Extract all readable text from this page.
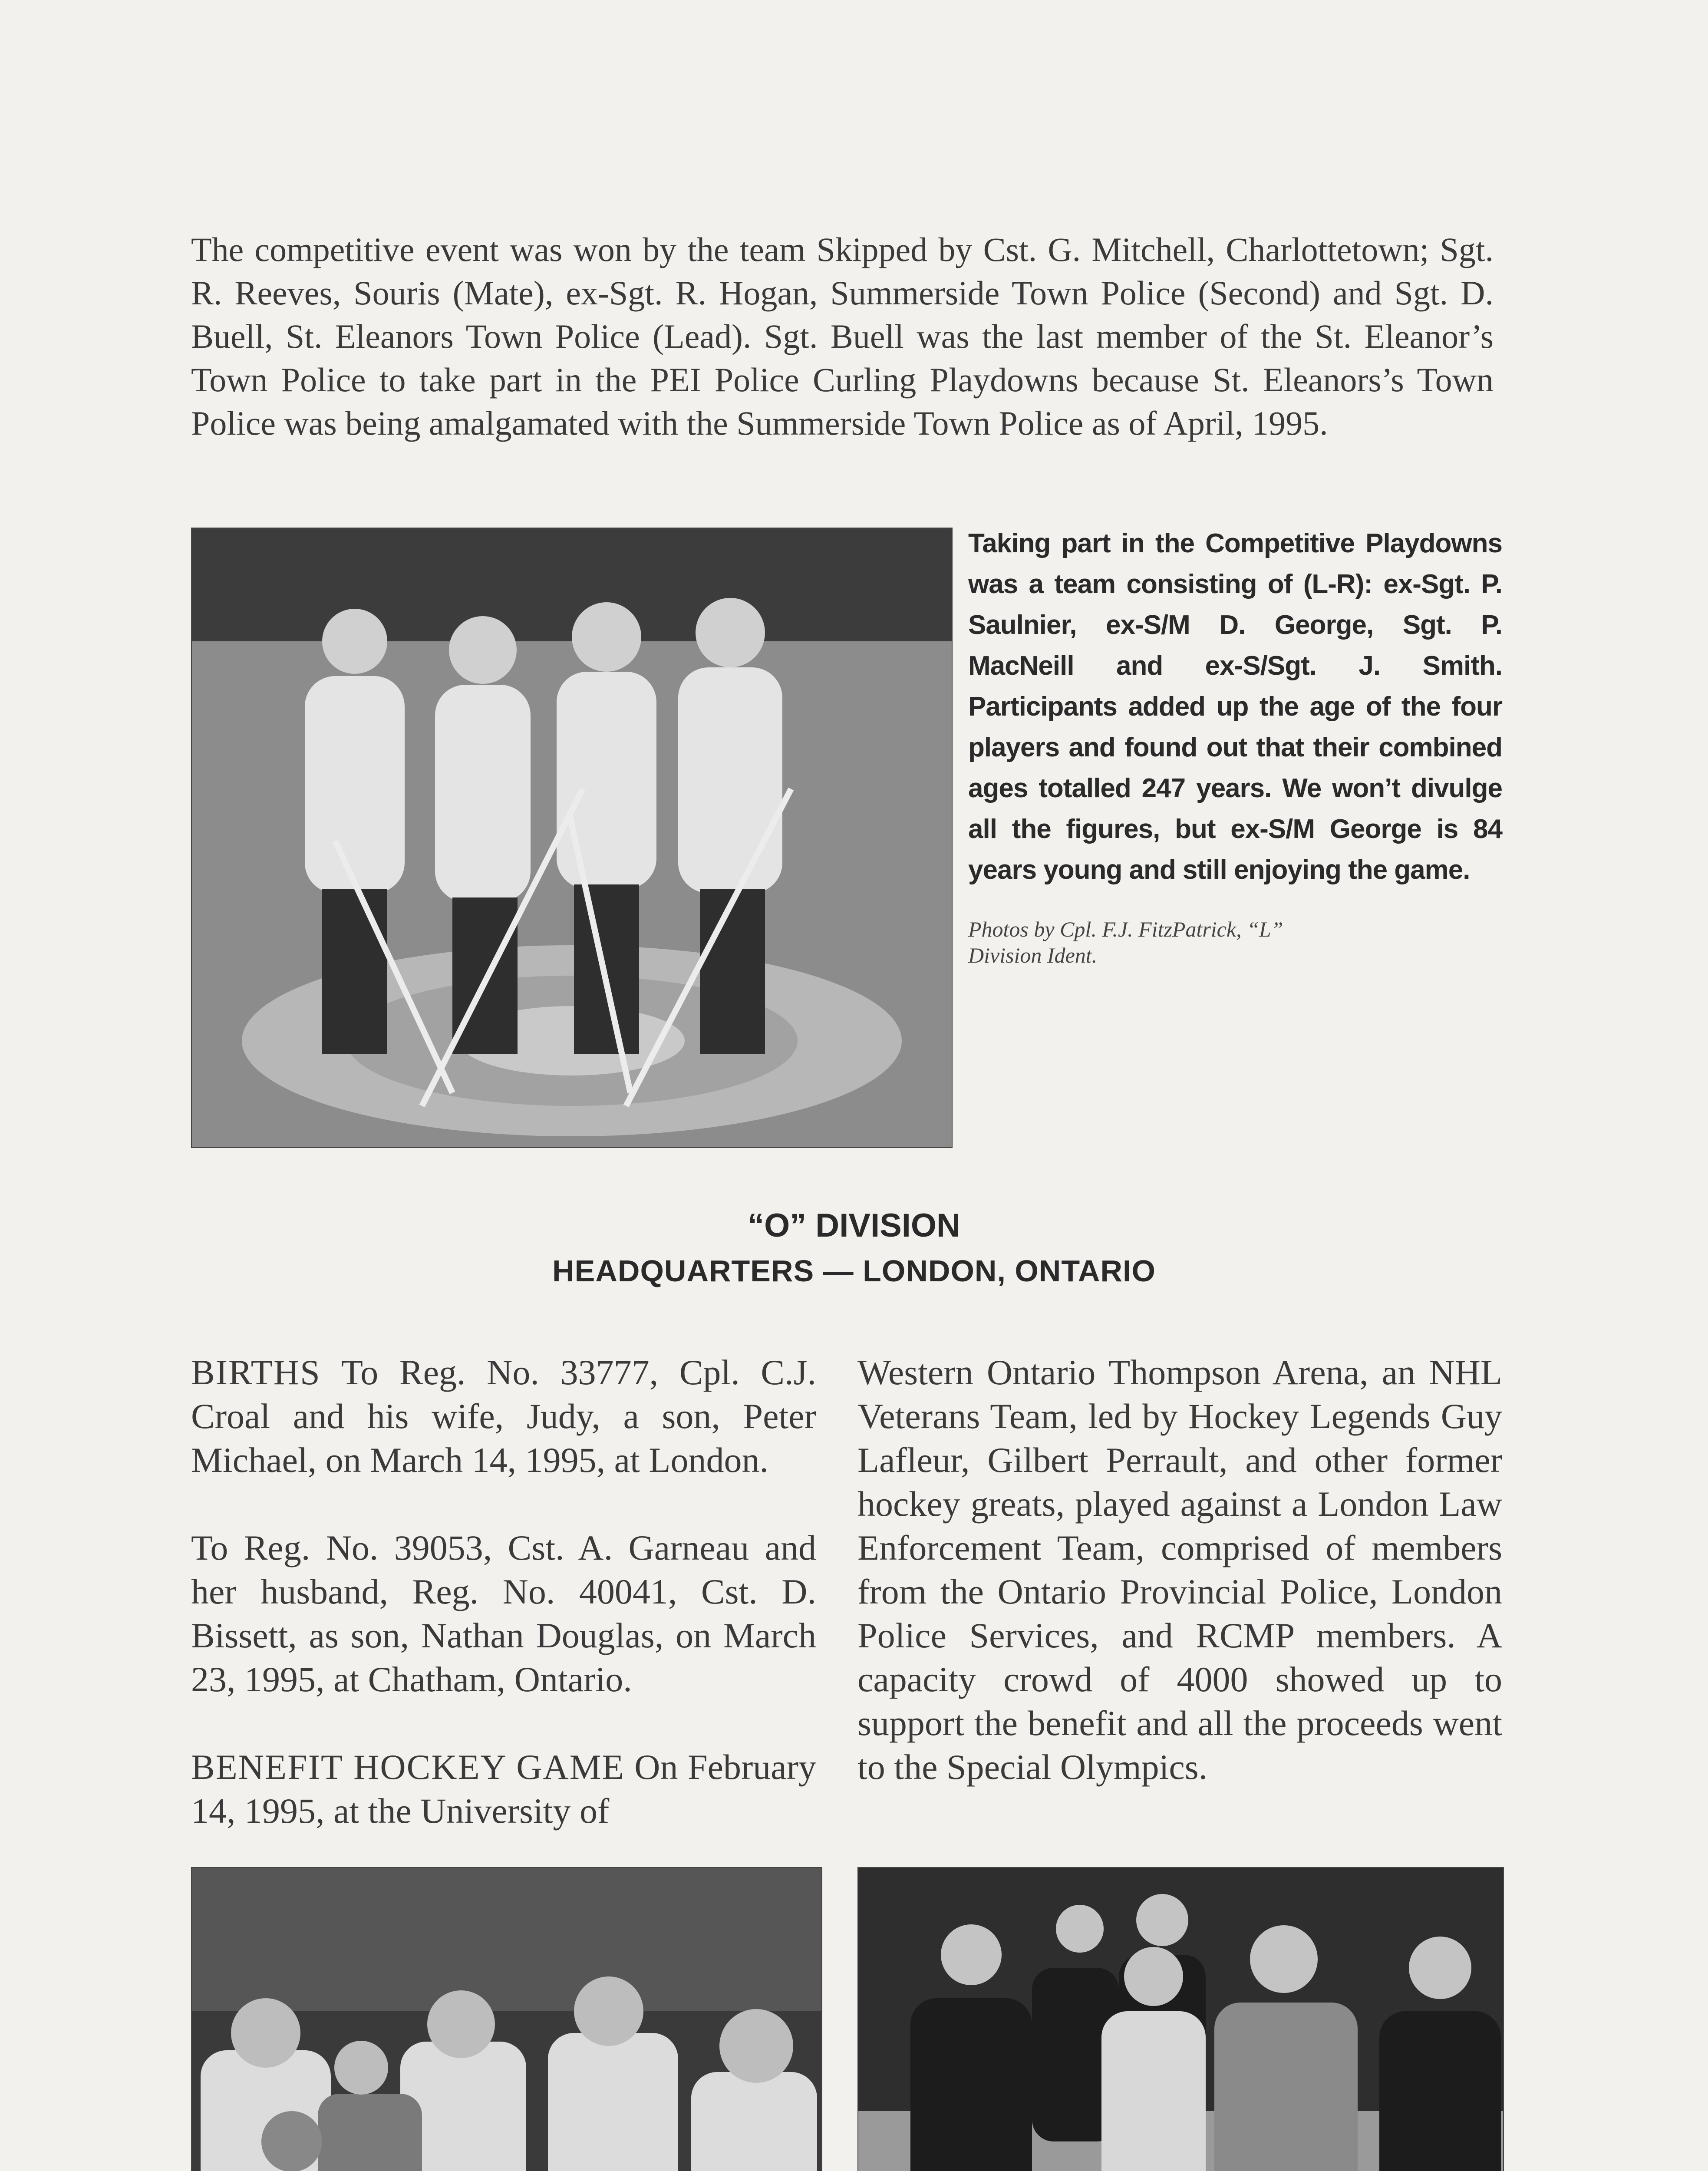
The competitive event was won by the team Skipped by Cst. G. Mitchell, Charlottetown; Sgt. R. Reeves, Souris (Mate), ex-Sgt. R. Hogan, Summerside Town Police (Second) and Sgt. D. Buell, St. Eleanors Town Police (Lead). Sgt. Buell was the last member of the St. Eleanor’s Town Police to take part in the PEI Police Curling Playdowns because St. Eleanors’s Town Police was being amalgamated with the Summerside Town Police as of April, 1995.
Taking part in the Competitive Playdowns was a team consisting of (L-R): ex-Sgt. P. Saulnier, ex-S/M D. George, Sgt. P. MacNeill and ex-S/Sgt. J. Smith. Participants added up the age of the four players and found out that their combined ages totalled 247 years. We won’t divulge all the figures, but ex-S/M George is 84 years young and still enjoying the game.
Photos by Cpl. F.J. FitzPatrick, “L”
Division Ident.
“O” DIVISION
HEADQUARTERS — LONDON, ONTARIO

BIRTHS To Reg. No. 33777, Cpl. C.J. Croal and his wife, Judy, a son, Peter Michael, on March 14, 1995, at London.

To Reg. No. 39053, Cst. A. Garneau and her husband, Reg. No. 40041, Cst. D. Bissett, as son, Nathan Douglas, on March 23, 1995, at Chatham, Ontario.

BENEFIT HOCKEY GAME On February 14, 1995, at the University of

Western Ontario Thompson Arena, an NHL Veterans Team, led by Hockey Legends Guy Lafleur, Gilbert Perrault, and other former hockey greats, played against a London Law Enforcement Team, comprised of members from the Ontario Provincial Police, London Police Services, and RCMP members. A capacity crowd of 4000 showed up to support the benefit and all the proceeds went to the Special Olympics.
